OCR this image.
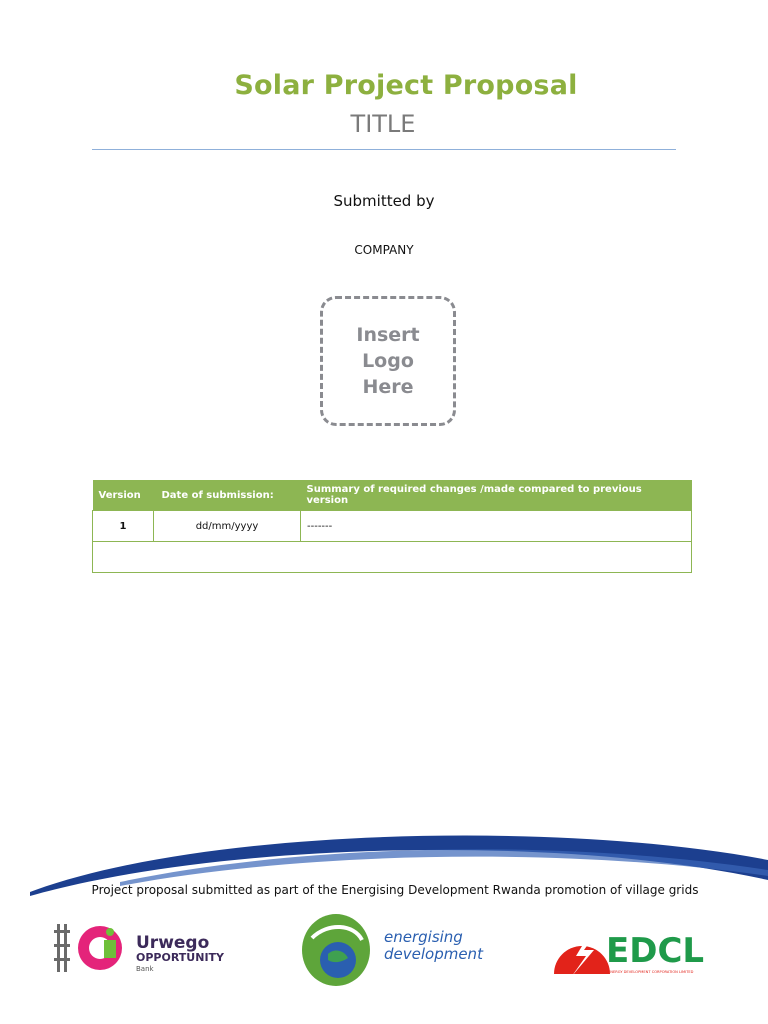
Solar Project Proposal
TITLE
Submitted by
COMPANY
Insert
Logo
Here
Version	Date of submission:	Summary of required changes /made compared to previous version
1	dd/mm/yyyy	-------

Project proposal submitted as part of the Energising Development Rwanda promotion of village grids
Urwego
OPPORTUNITY
Bank
energising
development	EDCL
ENERGY DEVELOPMENT CORPORATION LIMITED
